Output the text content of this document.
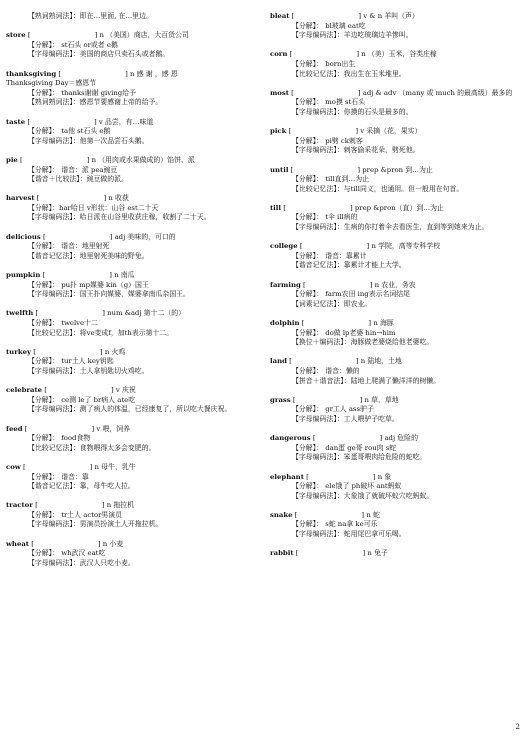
【熟词熟词法】：即在…里面, 在…里边。
store [	] n （美国）商店，大百货公司
【分解】： st石头 or或者 e鹅
【字母编码法】：美国的商店只卖石头或者鹅。
thanksgiving [	] n 感 谢 ，感 恩
Thanksgiving Day＝感恩节
【分解】： thanks谢谢 giving给予
【熟词熟词法】：感恩节要感谢上帝的给予。
taste [	] v 品尝，有…味道
【分解】： ta他 st石头 e鹅
【字母编码法】：他第一次品尝石头鹅。
pie [	] n （用肉或水果做成的）馅饼、派
【分解】： 谐音：派 pea豌豆
【谐音＋比较法】：豌豆做的派。
harvest [	] n 收获
【分解】：har哈日 v形状：山谷 est二十天
【字母编码法】：哈日派在山谷里收获庄稼，收割了二十天。
delicious [	] adj 美味的，可口的
【分解】： 谐音：地里射死
【谐音记忆法】：地里射死美味的野兔。
pumpkin [	] n 南瓜
【分解】： pu扑 mp媒婆 kin（g）国王
【字母编码法】：国王扑向媒婆，媒婆拿南瓜杂国王。
twelfth [	] num &adj 第十二（的）
【分解】： twelve十二
【比较记忆法】：将ve变成f，加th表示第十二。
turkey [	] n 火鸡
【分解】： tur土人 key钥匙
【字母编码法】：土人拿钥匙切火鸡吃。
celebrate [	] v 庆祝
【分解】： ce测 le了 br病人 ate吃
【字母编码法】：测了病人的体温，已经康复了，所以吃大餐庆祝。
feed [	] v 喂，饲养
【分解】： food食物
【比较记忆法】：食物喂得太多会变肥的。
cow [	] n 母牛，乳牛
【分解】： 谐音：靠
【谐音记忆法】：靠，母牛吃人拉。
tractor [	] n 拖拉机
【分解】： tr土人 actor男演员
【字母编码法】：男演员扮演土人开拖拉机。
wheat [	] n 小麦
【分解】： wh武汉 eat吃
【字母编码法】：武汉人只吃小麦。
bleat [	] v & n 羊叫（声）
【分解】： bl玻璃 eat吃
【字母编码法】：羊边吃玻璃边羊惨叫。
corn [	] n （美）玉米，谷类庄稼
【分解】： born出生
【比较记忆法】：我出生在玉米堆里。
most [	] adj & adv （many 或 much 的最高级）最多的
【分解】： mo摸 st石头
【字母编码法】：你摸的石头是最多的。
pick [	] v 采摘（花，果实）
【分解】： pi劈 ck刺客
【字母编码法】：刺客偷采花朵，劈死他。
until [	] prep &pron 到…为止
【分解】： till直到…为止
【比较记忆法】：与till同义，也通用。但一般用在句首。
till [	] prep &pron（直）到…为止
【分解】： t伞 ill病的
【字母编码法】：生病的你打着伞去看医生，直到等到她来为止。
college [	] n 学院，高等专科学校
【分解】： 谐音：靠累计
【谐音记忆法】：靠累计才能上大学。
farming [	] n 农业，务农
【分解】： farm农田 ing表示名词结尾
【词素记忆法】：即农业。
dolphin [	] n 海豚
【分解】： do做 lp老婆 hin→him
【换位＋编码法】：海豚做老婆烧给他老婆吃。
land [	] n 陆地，土地
【分解】： 谐音：懒的
【拼音＋谐音法】：陆地上爬满了懒洋洋的树懒。
grass [	] n 草，草地
【分解】： gr工人 ass驴子
【字母编码法】：工人喂驴子吃草。
dangerous [	] adj 危险的
【分解】： dan蛋 ge哥 rou肉 s蛇
【字母编码法】：笨蛋哥喂肉给危险的蛇吃。
elephant [	] n 象
【分解】： ele饿了 ph破坏 ant蚂蚁
【字母编码法】：大象饿了就破坏蚁穴吃蚂蚁。
snake [	] n 蛇
【分解】： s蛇 na拿 ke可乐
【字母编码法】：蛇用尾巴拿可乐喝。
rabbit [	] n 兔子
2
